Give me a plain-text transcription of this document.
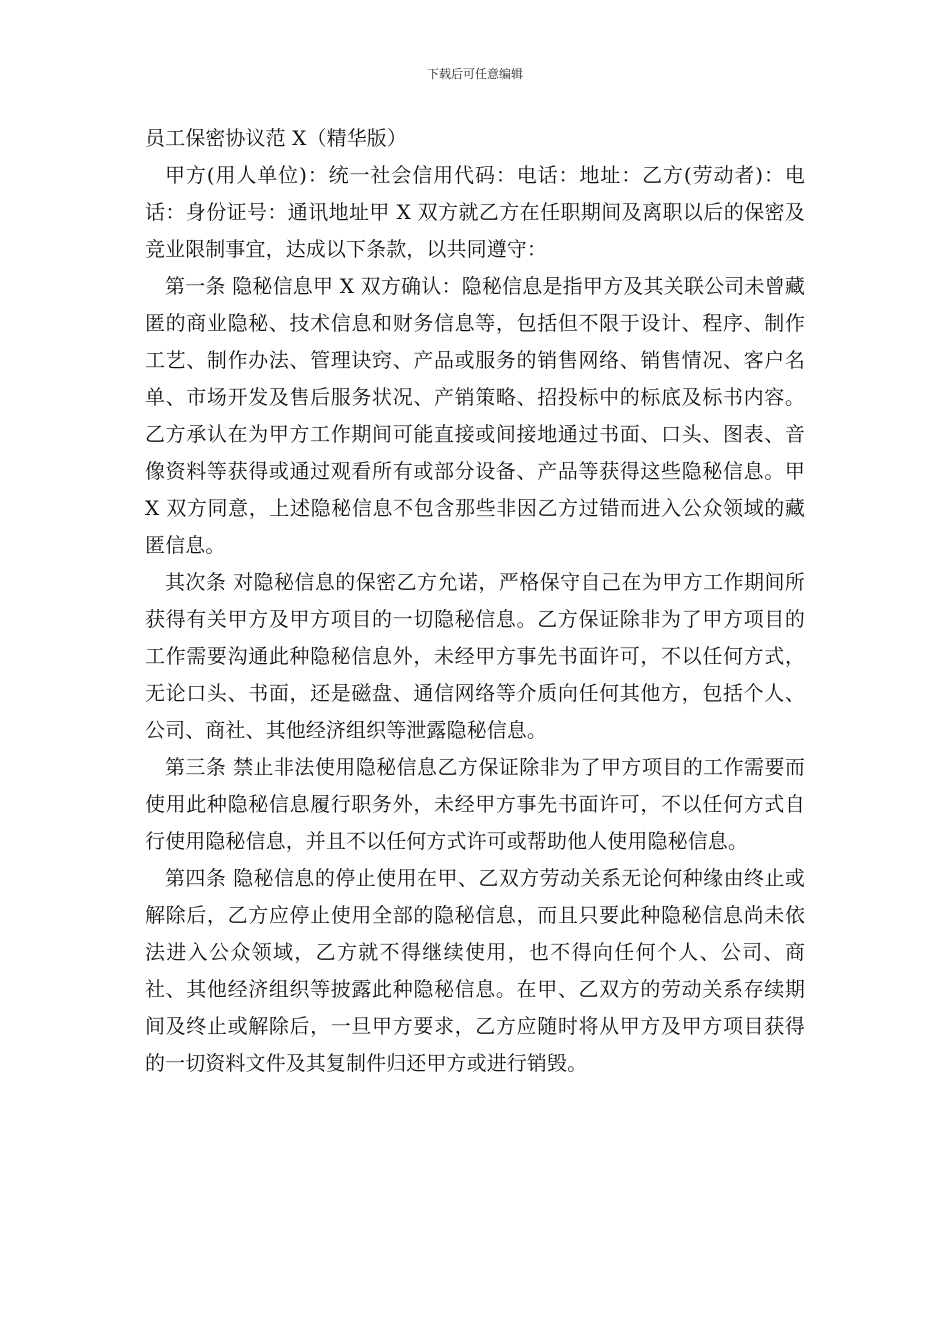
下载后可任意编辑
员工保密协议范 X（精华版）

甲方(用人单位)：统一社会信用代码：电话：地址：乙方(劳动者)：电话：身份证号：通讯地址甲 X 双方就乙方在任职期间及离职以后的保密及竞业限制事宜，达成以下条款，以共同遵守：

第一条 隐秘信息甲 X 双方确认：隐秘信息是指甲方及其关联公司未曾藏匿的商业隐秘、技术信息和财务信息等，包括但不限于设计、程序、制作工艺、制作办法、管理诀窍、产品或服务的销售网络、销售情况、客户名单、市场开发及售后服务状况、产销策略、招投标中的标底及标书内容。乙方承认在为甲方工作期间可能直接或间接地通过书面、口头、图表、音像资料等获得或通过观看所有或部分设备、产品等获得这些隐秘信息。甲 X 双方同意，上述隐秘信息不包含那些非因乙方过错而进入公众领域的藏匿信息。

其次条 对隐秘信息的保密乙方允诺，严格保守自己在为甲方工作期间所获得有关甲方及甲方项目的一切隐秘信息。乙方保证除非为了甲方项目的工作需要沟通此种隐秘信息外，未经甲方事先书面许可，不以任何方式，无论口头、书面，还是磁盘、通信网络等介质向任何其他方，包括个人、公司、商社、其他经济组织等泄露隐秘信息。

第三条 禁止非法使用隐秘信息乙方保证除非为了甲方项目的工作需要而使用此种隐秘信息履行职务外，未经甲方事先书面许可，不以任何方式自行使用隐秘信息，并且不以任何方式许可或帮助他人使用隐秘信息。

第四条 隐秘信息的停止使用在甲、乙双方劳动关系无论何种缘由终止或解除后，乙方应停止使用全部的隐秘信息，而且只要此种隐秘信息尚未依法进入公众领域，乙方就不得继续使用，也不得向任何个人、公司、商社、其他经济组织等披露此种隐秘信息。在甲、乙双方的劳动关系存续期间及终止或解除后，一旦甲方要求，乙方应随时将从甲方及甲方项目获得的一切资料文件及其复制件归还甲方或进行销毁。
